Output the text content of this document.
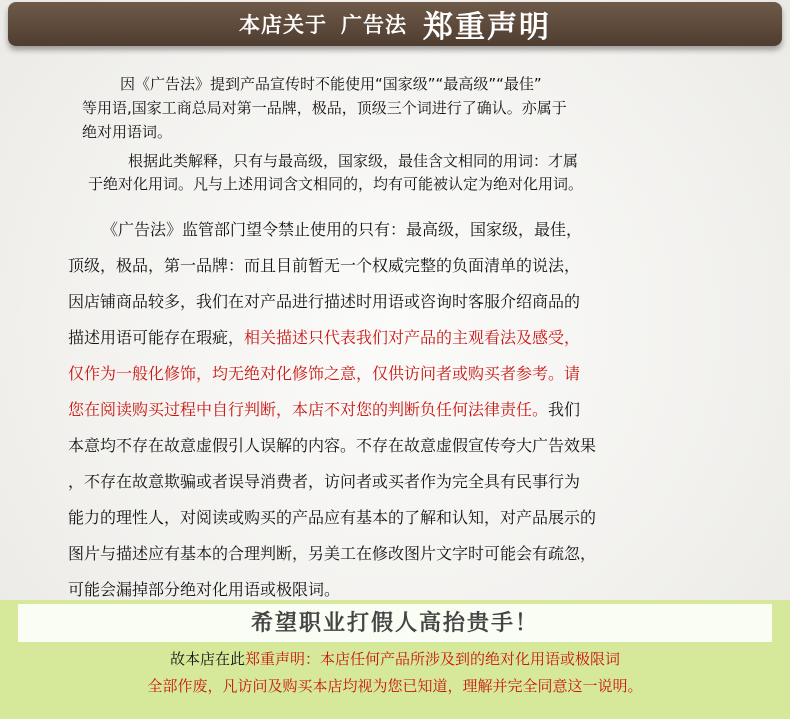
本店关于 广告法 郑重声明
因《广告法》提到产品宣传时不能使用“国家级”“最高级”“最佳”
等用语,国家工商总局对第一品牌，极品，顶级三个词进行了确认。亦属于
绝对用语词。
根据此类解释，只有与最高级，国家级，最佳含文相同的用词：才属
于绝对化用词。凡与上述用词含文相同的，均有可能被认定为绝对化用词。
《广告法》监管部门望令禁止使用的只有：最高级，国家级，最佳，
顶级，极品，第一品牌：而且目前暂无一个权威完整的负面清单的说法，
因店铺商品较多，我们在对产品进行描述时用语或咨询时客服介绍商品的
描述用语可能存在瑕疵，相关描述只代表我们对产品的主观看法及感受，
仅作为一般化修饰，均无绝对化修饰之意，仅供访问者或购买者参考。请
您在阅读购买过程中自行判断，本店不对您的判断负任何法律责任。我们
本意均不存在故意虚假引人误解的内容。不存在故意虚假宣传夸大广告效果
，不存在故意欺骗或者误导消费者，访问者或买者作为完全具有民事行为
能力的理性人，对阅读或购买的产品应有基本的了解和认知，对产品展示的
图片与描述应有基本的合理判断，另美工在修改图片文字时可能会有疏忽，
可能会漏掉部分绝对化用语或极限词。
希望职业打假人高抬贵手！
故本店在此郑重声明：本店任何产品所涉及到的绝对化用语或极限词
全部作废，凡访问及购买本店均视为您已知道，理解并完全同意这一说明。
